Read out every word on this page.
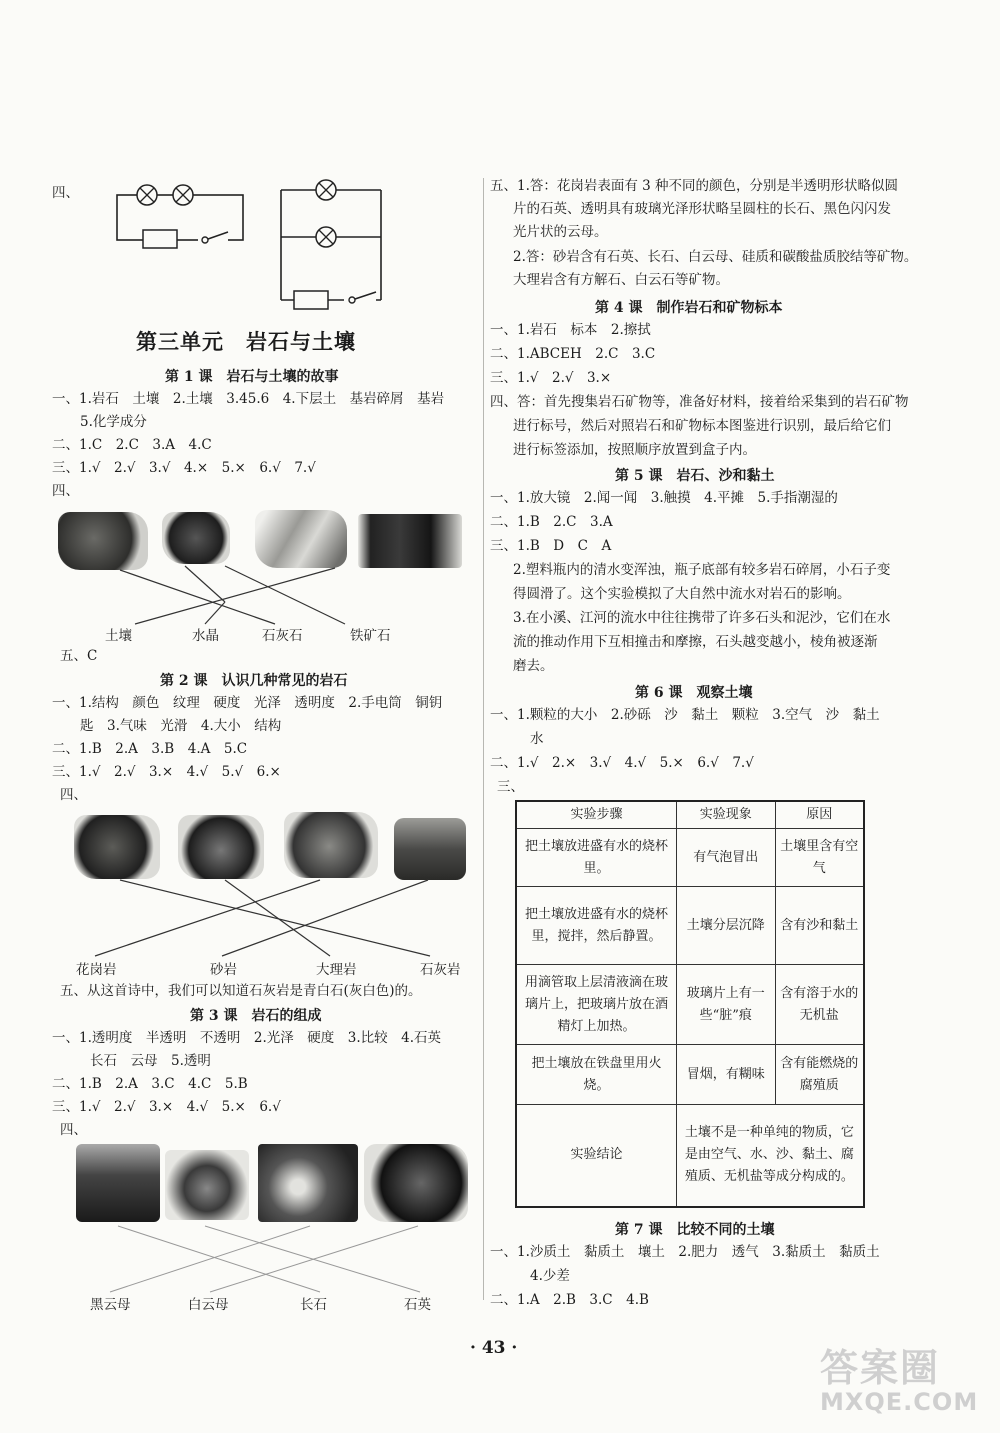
四、
第三单元　岩石与土壤
第 1 课　岩石与土壤的故事
一、1.岩石　土壤　2.土壤　3.45.6　4.下层土　基岩碎屑　基岩
5.化学成分
二、1.C　2.C　3.A　4.C
三、1.√　2.√　3.√　4.×　5.×　6.√　7.√
四、
土壤	水晶	石灰石	铁矿石
五、C
第 2 课　认识几种常见的岩石
一、1.结构　颜色　纹理　硬度　光泽　透明度　2.手电筒　铜钥
匙　3.气味　光滑　4.大小　结构
二、1.B　2.A　3.B　4.A　5.C
三、1.√　2.√　3.×　4.√　5.√　6.×
四、
花岗岩	砂岩	大理岩	石灰岩
五、从这首诗中，我们可以知道石灰岩是青白石(灰白色)的。
第 3 课　岩石的组成
一、1.透明度　半透明　不透明　2.光泽　硬度　3.比较　4.石英
长石　云母　5.透明
二、1.B　2.A　3.C　4.C　5.B
三、1.√　2.√　3.×　4.√　5.×　6.√
四、
黑云母	白云母	长石	石英
五、1.答：花岗岩表面有 3 种不同的颜色，分别是半透明形状略似圆
片的石英、透明具有玻璃光泽形状略呈圆柱的长石、黑色闪闪发
光片状的云母。
2.答：砂岩含有石英、长石、白云母、硅质和碳酸盐质胶结等矿物。
大理岩含有方解石、白云石等矿物。
第 4 课　制作岩石和矿物标本
一、1.岩石　标本　2.擦拭
二、1.ABCEH　2.C　3.C
三、1.√　2.√　3.×
四、答：首先搜集岩石矿物等，准备好材料，接着给采集到的岩石矿物
进行标号，然后对照岩石和矿物标本图鉴进行识别，最后给它们
进行标签添加，按照顺序放置到盒子内。
第 5 课　岩石、沙和黏土
一、1.放大镜　2.闻一闻　3.触摸　4.平摊　5.手指潮湿的
二、1.B　2.C　3.A
三、1.B　D　C　A
2.塑料瓶内的清水变浑浊，瓶子底部有较多岩石碎屑，小石子变
得圆滑了。这个实验模拟了大自然中流水对岩石的影响。
3.在小溪、江河的流水中往往携带了许多石头和泥沙，它们在水
流的推动作用下互相撞击和摩擦，石头越变越小，棱角被逐渐
磨去。
第 6 课　观察土壤
一、1.颗粒的大小　2.砂砾　沙　黏土　颗粒　3.空气　沙　黏土
水
二、1.√　2.×　3.√　4.√　5.×　6.√　7.√
三、
实验步骤	实验现象	原因
把土壤放进盛有水的烧杯里。	有气泡冒出	土壤里含有空气
把土壤放进盛有水的烧杯里，搅拌，然后静置。	土壤分层沉降	含有沙和黏土
用滴管取上层清液滴在玻璃片上，把玻璃片放在酒精灯上加热。	玻璃片上有一些“脏”痕	含有溶于水的无机盐
把土壤放在铁盘里用火烧。	冒烟，有糊味	含有能燃烧的腐殖质
实验结论	土壤不是一种单纯的物质，它是由空气、水、沙、黏土、腐殖质、无机盐等成分构成的。	
第 7 课　比较不同的土壤
一、1.沙质土　黏质土　壤土　2.肥力　透气　3.黏质土　黏质土
4.少差
二、1.A　2.B　3.C　4.B
· 43 ·	答案圈
MXQE.COM
